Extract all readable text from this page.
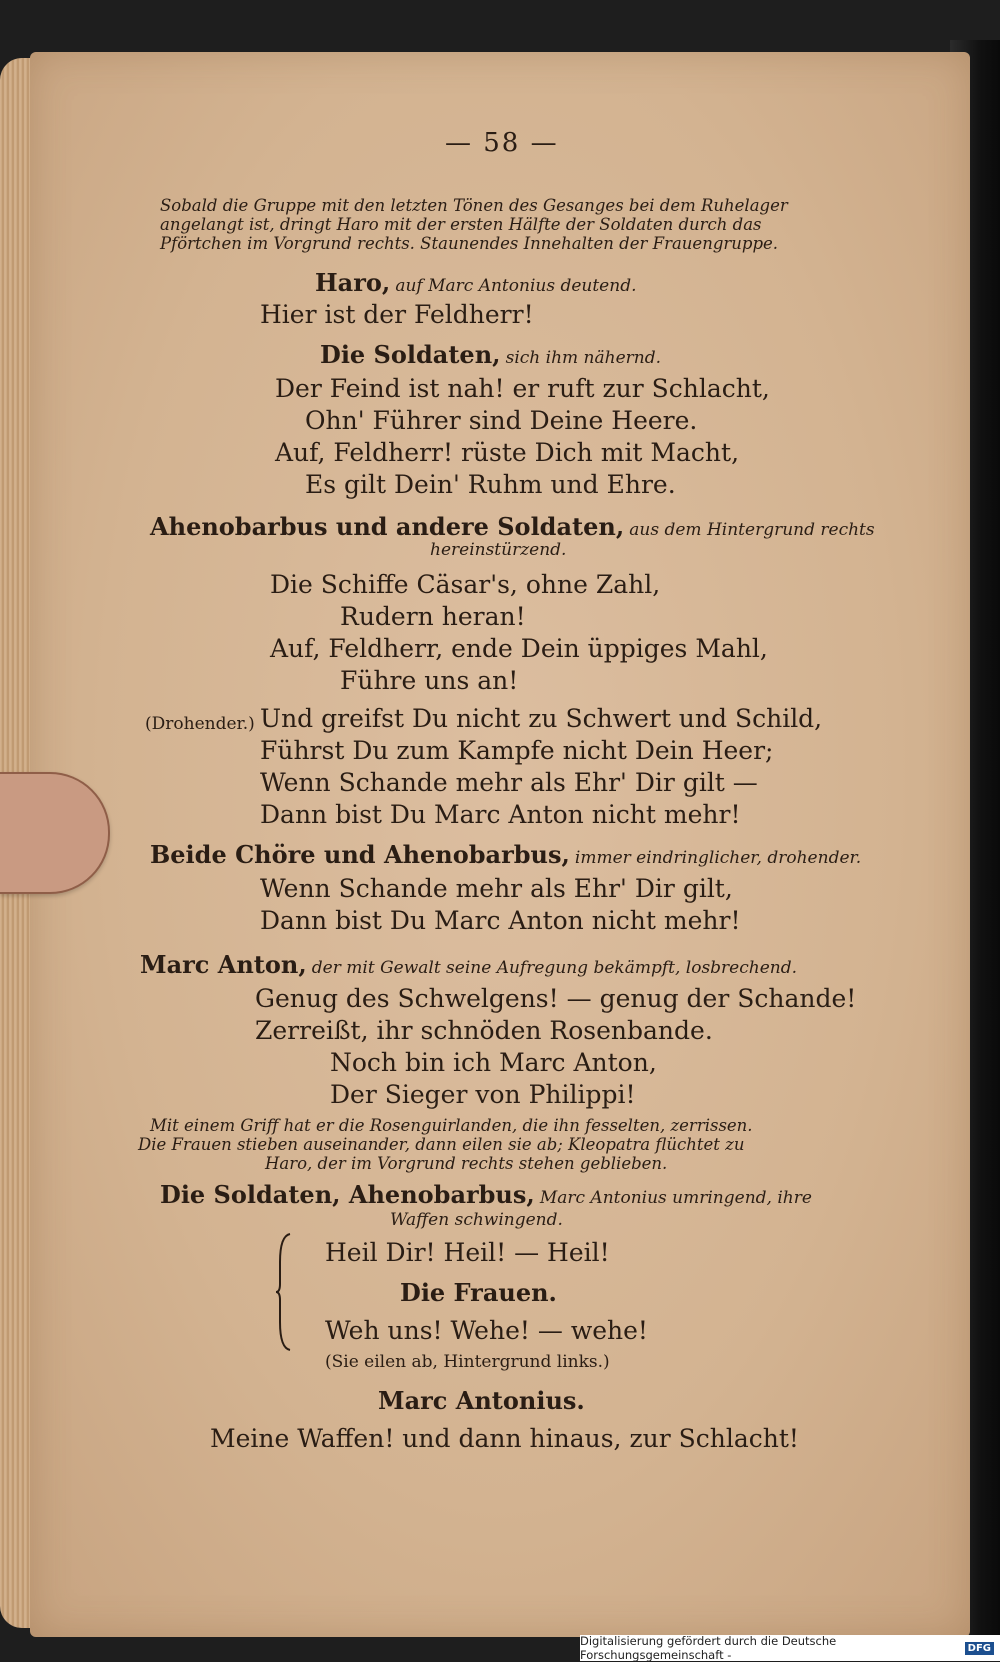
— 58 —
Sobald die Gruppe mit den letzten Tönen des Gesanges bei dem Ruhelager
angelangt ist, dringt Haro mit der ersten Hälfte der Soldaten durch das
Pförtchen im Vorgrund rechts. Staunendes Innehalten der Frauengruppe.
Haro, auf Marc Antonius deutend.
Hier ist der Feldherr!
Die Soldaten, sich ihm nähernd.
Der Feind ist nah! er ruft zur Schlacht,
Ohn' Führer sind Deine Heere.
Auf, Feldherr! rüste Dich mit Macht,
Es gilt Dein' Ruhm und Ehre.
Ahenobarbus und andere Soldaten, aus dem Hintergrund rechts
hereinstürzend.
Die Schiffe Cäsar's, ohne Zahl,
Rudern heran!
Auf, Feldherr, ende Dein üppiges Mahl,
Führe uns an!
(Drohender.) Und greifst Du nicht zu Schwert und Schild,
Führst Du zum Kampfe nicht Dein Heer;
Wenn Schande mehr als Ehr' Dir gilt —
Dann bist Du Marc Anton nicht mehr!
Beide Chöre und Ahenobarbus, immer eindringlicher, drohender.
Wenn Schande mehr als Ehr' Dir gilt,
Dann bist Du Marc Anton nicht mehr!
Marc Anton, der mit Gewalt seine Aufregung bekämpft, losbrechend.
Genug des Schwelgens! — genug der Schande!
Zerreißt, ihr schnöden Rosenbande.
Noch bin ich Marc Anton,
Der Sieger von Philippi!
Mit einem Griff hat er die Rosenguirlanden, die ihn fesselten, zerrissen.
Die Frauen stieben auseinander, dann eilen sie ab; Kleopatra flüchtet zu
Haro, der im Vorgrund rechts stehen geblieben.
Die Soldaten, Ahenobarbus, Marc Antonius umringend, ihre
Waffen schwingend.
Heil Dir! Heil! — Heil!
Die Frauen.
Weh uns! Wehe! — wehe!
(Sie eilen ab, Hintergrund links.)
Marc Antonius.
Meine Waffen! und dann hinaus, zur Schlacht!
Digitalisierung gefördert durch die Deutsche Forschungsgemeinschaft -	DFG
